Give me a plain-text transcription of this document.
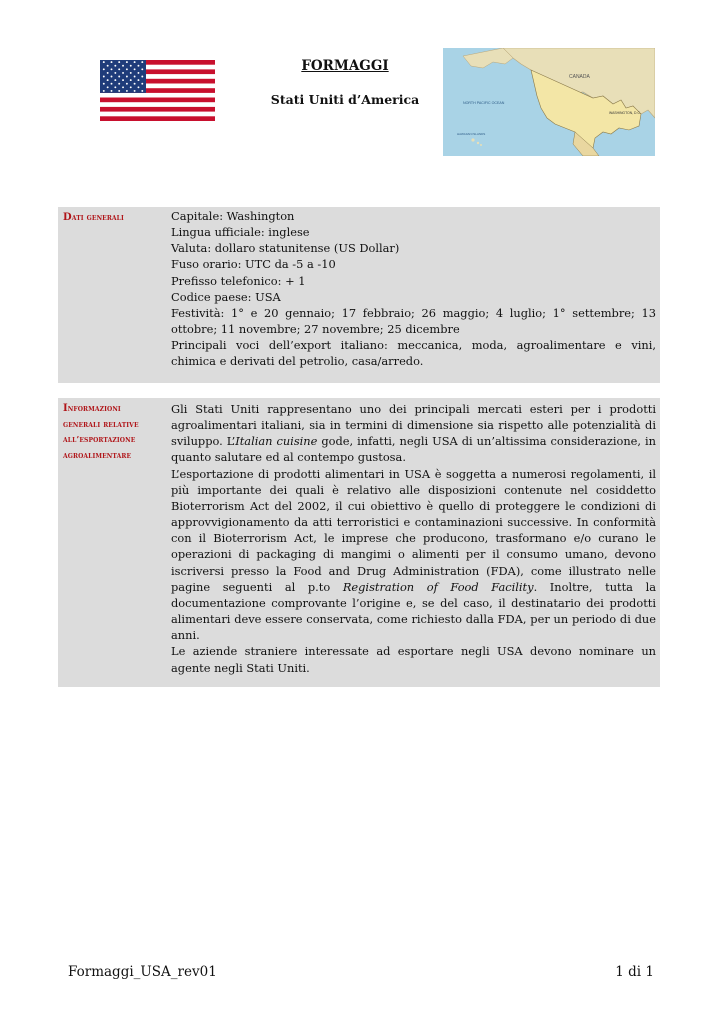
CANADA
NORTH PACIFIC OCEAN
WASHINGTON, D.C.
HAWAIIAN ISLANDS
FORMAGGI
Stati Uniti d’America
Dati generali	Capitale: Washington

Lingua ufficiale: inglese

Valuta: dollaro statunitense (US Dollar)

Fuso orario: UTC da -5 a -10

Prefisso telefonico: + 1

Codice paese: USA

Festività: 1° e 20 gennaio; 17 febbraio; 26 maggio; 4 luglio; 1° settembre; 13 ottobre; 11 novembre; 27 novembre; 25 dicembre

Principali voci dell’export italiano: meccanica, moda, agroalimentare e vini, chimica e derivati del petrolio, casa/arredo.

Informazioni generali relative all’esportazione agroalimentare

Gli Stati Uniti rappresentano uno dei principali mercati esteri per i prodotti agroalimentari italiani, sia in termini di dimensione sia rispetto alle potenzialità di sviluppo. L’Italian cuisine gode, infatti, negli USA di un’altissima considerazione, in quanto salutare ed al contempo gustosa.

L’esportazione di prodotti alimentari in USA è soggetta a numerosi regolamenti, il più importante dei quali è relativo alle disposizioni contenute nel cosiddetto Bioterrorism Act del 2002, il cui obiettivo è quello di proteggere le condizioni di approvvigionamento da atti terroristici e contaminazioni successive. In conformità con il Bioterrorism Act, le imprese che producono, trasformano e/o curano le operazioni di packaging di mangimi o alimenti per il consumo umano, devono iscriversi presso la Food and Drug Administration (FDA), come illustrato nelle pagine seguenti al p.to Registration of Food Facility. Inoltre, tutta la documentazione comprovante l’origine e, se del caso, il destinatario dei prodotti alimentari deve essere conservata, come richiesto dalla FDA, per un periodo di due anni.

Le aziende straniere interessate ad esportare negli USA devono nominare un agente negli Stati Uniti.

Formaggi_USA_rev01	1 di 1
